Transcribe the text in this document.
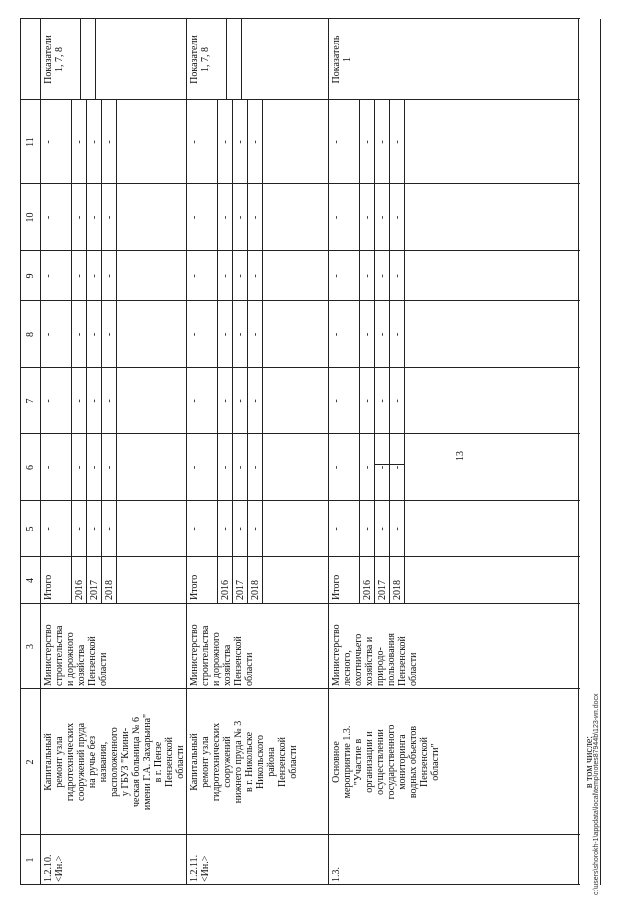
1
2
3
4
5
6
7
8
9
10
11
1.2.10.
<Ин.>
Капитальный
ремонт узла
гидротехнических
сооружений пруда
на ручье без
названия,
расположенного
у ГБУЗ "Клини-
ческая больница № 6
имени Г.А. Захарьина"
в г. Пензе
Пензенской
области
Министерство
строительства
и дорожного
хозяйства
Пензенской
области
Итого
-
-
-
-
-
-
-
2016
-
-
-
-
-
-
-
2017
-
-
-
-
-
-
-
2018
-
-
-
-
-
-
-
Показатели
1, 7, 8
1.2.11.
<Ин.>
Капитальный
ремонт узла
гидротехнических
сооружений
нижнего пруда № 3
в г. Никольске
Никольского
района
Пензенской
области
Министерство
строительства
и дорожного
хозяйства
Пензенской
области
Итого
-
-
-
-
-
-
-
2016
-
-
-
-
-
-
-
2017
-
-
-
-
-
-
-
2018
-
-
-
-
-
-
-
Показатели
1, 7, 8
1.3.
Основное
мероприятие 1.3.
"Участие в
организации и
осуществлении
государственного
мониторинга
водных объектов
Пензенской
области"
Министерство
лесного,
охотничьего
хозяйства и
природо-
пользования
Пензенской
области
Итого
-
-
-
-
-
-
-
2016
-
-
-
-
-
-
-
2017
-
-
-
-
-
-
-
2018
-
-
-
-
-
-
-
Показатель
1
в том числе:
13
c:\users\shorokh-1\appdata\local\temp\notes87944b\123-ип.docx
